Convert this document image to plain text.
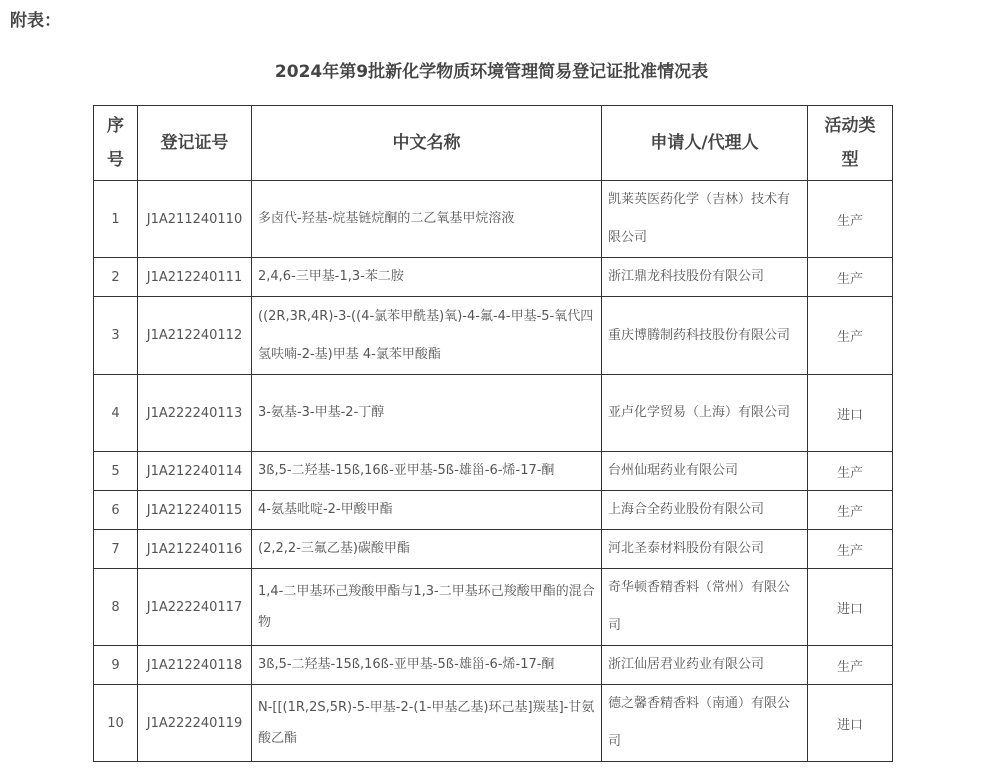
附表：
2024年第9批新化学物质环境管理简易登记证批准情况表
序号	登记证号	中文名称	申请人/代理人	活动类型
1	J1A211240110	多卤代-羟基-烷基链烷酮的二乙氧基甲烷溶液	凯莱英医药化学（吉林）技术有限公司	生产
2	J1A212240111	2,4,6-三甲基-1,3-苯二胺	浙江鼎龙科技股份有限公司	生产
3	J1A212240112	((2R,3R,4R)-3-((4-氯苯甲酰基)氧)-4-氟-4-甲基-5-氧代四氢呋喃-2-基)甲基 4-氯苯甲酸酯	重庆博腾制药科技股份有限公司	生产
4	J1A222240113	3-氨基-3-甲基-2-丁醇	亚卢化学贸易（上海）有限公司	进口
5	J1A212240114	3ß,5-二羟基-15ß,16ß-亚甲基-5ß-雄甾-6-烯-17-酮	台州仙琚药业有限公司	生产
6	J1A212240115	4-氨基吡啶-2-甲酸甲酯	上海合全药业股份有限公司	生产
7	J1A212240116	(2,2,2-三氟乙基)碳酸甲酯	河北圣泰材料股份有限公司	生产
8	J1A222240117	1,4-二甲基环己羧酸甲酯与1,3-二甲基环己羧酸甲酯的混合物	奇华顿香精香料（常州）有限公司	进口
9	J1A212240118	3ß,5-二羟基-15ß,16ß-亚甲基-5ß-雄甾-6-烯-17-酮	浙江仙居君业药业有限公司	生产
10	J1A222240119	N-[[(1R,2S,5R)-5-甲基-2-(1-甲基乙基)环己基]羰基]-甘氨酸乙酯	德之馨香精香料（南通）有限公司	进口
